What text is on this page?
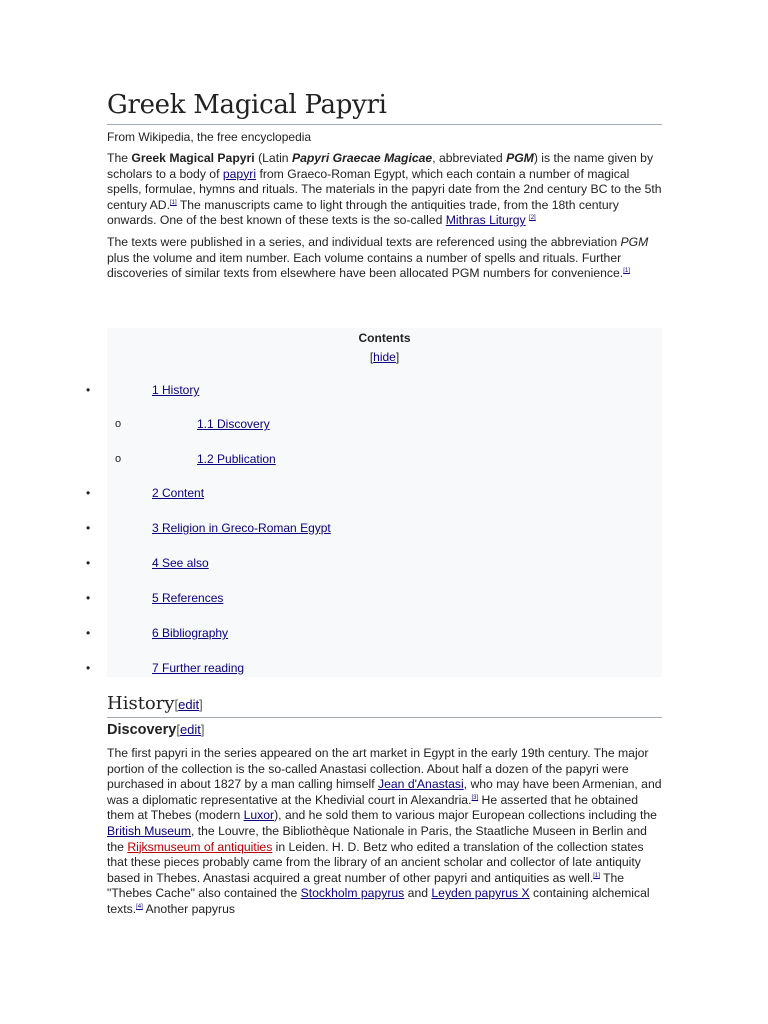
Greek Magical Papyri
From Wikipedia, the free encyclopedia

The Greek Magical Papyri (Latin Papyri Graecae Magicae, abbreviated PGM) is the name given by scholars to a body of papyri from Graeco-Roman Egypt, which each contain a number of magical spells, formulae, hymns and rituals. The materials in the papyri date from the 2nd century BC to the 5th century AD.[1] The manuscripts came to light through the antiquities trade, from the 18th century onwards. One of the best known of these texts is the so-called Mithras Liturgy [2]

The texts were published in a series, and individual texts are referenced using the abbreviation PGM plus the volume and item number. Each volume contains a number of spells and rituals. Further discoveries of similar texts from elsewhere have been allocated PGM numbers for convenience.[1]

Contents
[hide]
•	1 History
o	1.1 Discovery
o	1.2 Publication
•	2 Content
•	3 Religion in Greco-Roman Egypt
•	4 See also
•	5 References
•	6 Bibliography
•	7 Further reading
History[edit]
Discovery[edit]

The first papyri in the series appeared on the art market in Egypt in the early 19th century. The major portion of the collection is the so-called Anastasi collection. About half a dozen of the papyri were purchased in about 1827 by a man calling himself Jean d'Anastasi, who may have been Armenian, and was a diplomatic representative at the Khedivial court in Alexandria.[3] He asserted that he obtained them at Thebes (modern Luxor), and he sold them to various major European collections including the British Museum, the Louvre, the Bibliothèque Nationale in Paris, the Staatliche Museen in Berlin and the Rijksmuseum of antiquities in Leiden. H. D. Betz who edited a translation of the collection states that these pieces probably came from the library of an ancient scholar and collector of late antiquity based in Thebes. Anastasi acquired a great number of other papyri and antiquities as well.[1] The "Thebes Cache" also contained the Stockholm papyrus and Leyden papyrus X containing alchemical texts.[4] Another papyrus
